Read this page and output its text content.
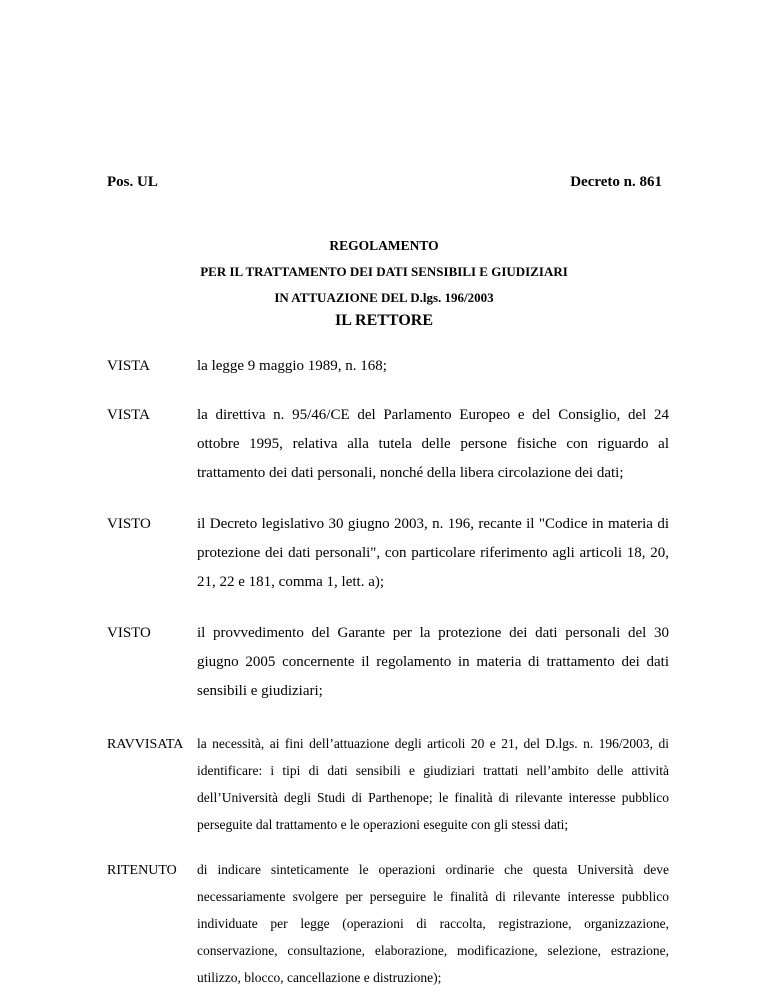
Pos. UL	Decreto n. 861
REGOLAMENTO
PER IL TRATTAMENTO DEI DATI SENSIBILI E GIUDIZIARI
IN ATTUAZIONE DEL D.lgs. 196/2003
IL RETTORE
VISTA	la legge 9 maggio 1989, n. 168;
VISTA	la direttiva n. 95/46/CE del Parlamento Europeo e del Consiglio, del 24 ottobre 1995, relativa alla tutela delle persone fisiche con riguardo al trattamento dei dati personali, nonché della libera circolazione dei dati;
VISTO	il Decreto legislativo 30 giugno 2003, n. 196, recante il "Codice in materia di protezione dei dati personali", con particolare riferimento agli articoli 18, 20, 21, 22 e 181, comma 1, lett. a);
VISTO	il provvedimento del Garante per la protezione dei dati personali del 30 giugno 2005 concernente il regolamento in materia di trattamento dei dati sensibili e giudiziari;
RAVVISATA la necessità, ai fini dell’attuazione degli articoli 20 e 21, del D.lgs. n. 196/2003, di identificare: i tipi di dati sensibili e giudiziari trattati nell’ambito delle attività dell’Università degli Studi di Parthenope; le finalità di rilevante interesse pubblico perseguite dal trattamento e le operazioni eseguite con gli stessi dati;
RITENUTO di indicare sinteticamente le operazioni ordinarie che questa Università deve necessariamente svolgere per perseguire le finalità di rilevante interesse pubblico individuate per legge (operazioni di raccolta, registrazione, organizzazione, conservazione, consultazione, elaborazione, modificazione, selezione, estrazione, utilizzo, blocco, cancellazione e distruzione);
